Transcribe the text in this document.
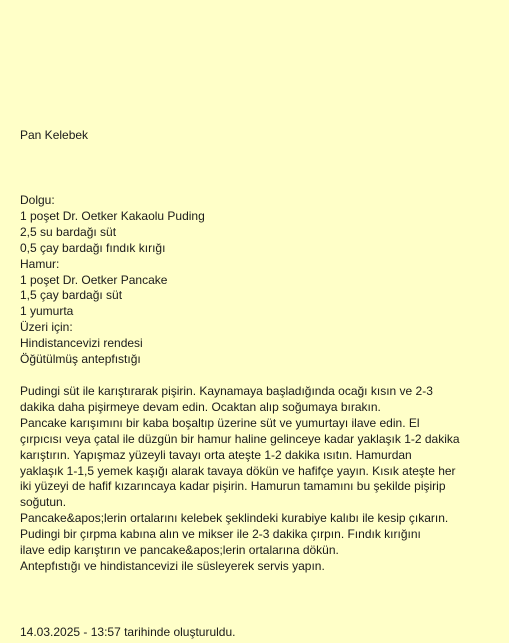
Pan Kelebek
Dolgu:
1 poşet Dr. Oetker Kakaolu Puding
2,5 su bardağı süt
0,5 çay bardağı fındık kırığı
Hamur:
1 poşet Dr. Oetker Pancake
1,5 çay bardağı süt
1 yumurta
Üzeri için:
Hindistancevizi rendesi
Öğütülmüş antepfıstığı
Pudingi süt ile karıştırarak pişirin. Kaynamaya başladığında ocağı kısın ve 2-3
dakika daha pişirmeye devam edin. Ocaktan alıp soğumaya bırakın.
Pancake karışımını bir kaba boşaltıp üzerine süt ve yumurtayı ilave edin. El
çırpıcısı veya çatal ile düzgün bir hamur haline gelinceye kadar yaklaşık 1-2 dakika
karıştırın. Yapışmaz yüzeyli tavayı orta ateşte 1-2 dakika ısıtın. Hamurdan
yaklaşık 1-1,5 yemek kaşığı alarak tavaya dökün ve hafifçe yayın. Kısık ateşte her
iki yüzeyi de hafif kızarıncaya kadar pişirin. Hamurun tamamını bu şekilde pişirip
soğutun.
Pancake&apos;lerin ortalarını kelebek şeklindeki kurabiye kalıbı ile kesip çıkarın.
Pudingi bir çırpma kabına alın ve mikser ile 2-3 dakika çırpın. Fındık kırığını
ilave edip karıştırın ve pancake&apos;lerin ortalarına dökün.
Antepfıstığı ve hindistancevizi ile süsleyerek servis yapın.
14.03.2025 - 13:57 tarihinde oluşturuldu.
